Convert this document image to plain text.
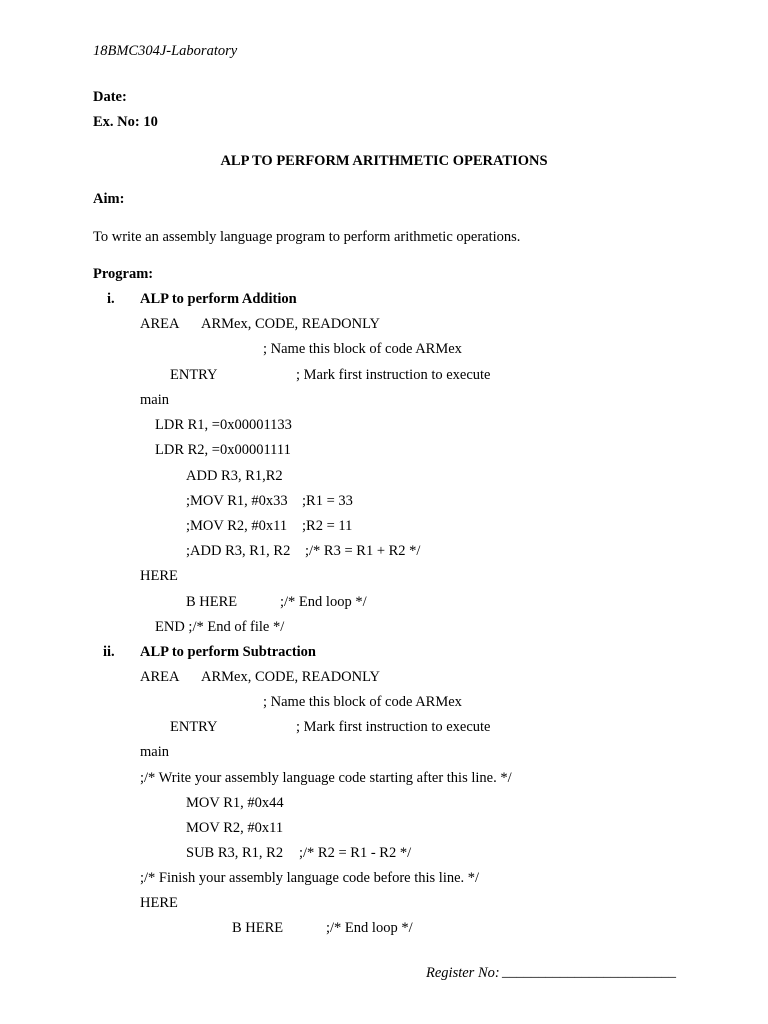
18BMC304J-Laboratory
Date:
Ex. No: 10
ALP TO PERFORM ARITHMETIC OPERATIONS
Aim:
To write an assembly language program to perform arithmetic operations.
Program:
i. ALP to perform Addition
AREA ARMex, CODE, READONLY
; Name this block of code ARMex
ENTRY	; Mark first instruction to execute
main
LDR R1, =0x00001133
LDR R2, =0x00001111
ADD R3, R1,R2
;MOV R1, #0x33 ;R1 = 33
;MOV R2, #0x11 ;R2 = 11
;ADD R3, R1, R2 ;/* R3 = R1 + R2 */
HERE
B HERE	;/* End loop */
END ;/* End of file */
ii. ALP to perform Subtraction
AREA ARMex, CODE, READONLY
; Name this block of code ARMex
ENTRY	; Mark first instruction to execute
main
;/* Write your assembly language code starting after this line. */
MOV R1, #0x44
MOV R2, #0x11
SUB R3, R1, R2 ;/* R2 = R1 - R2 */
;/* Finish your assembly language code before this line. */
HERE
B HERE	;/* End loop */
Register No: ________________________
